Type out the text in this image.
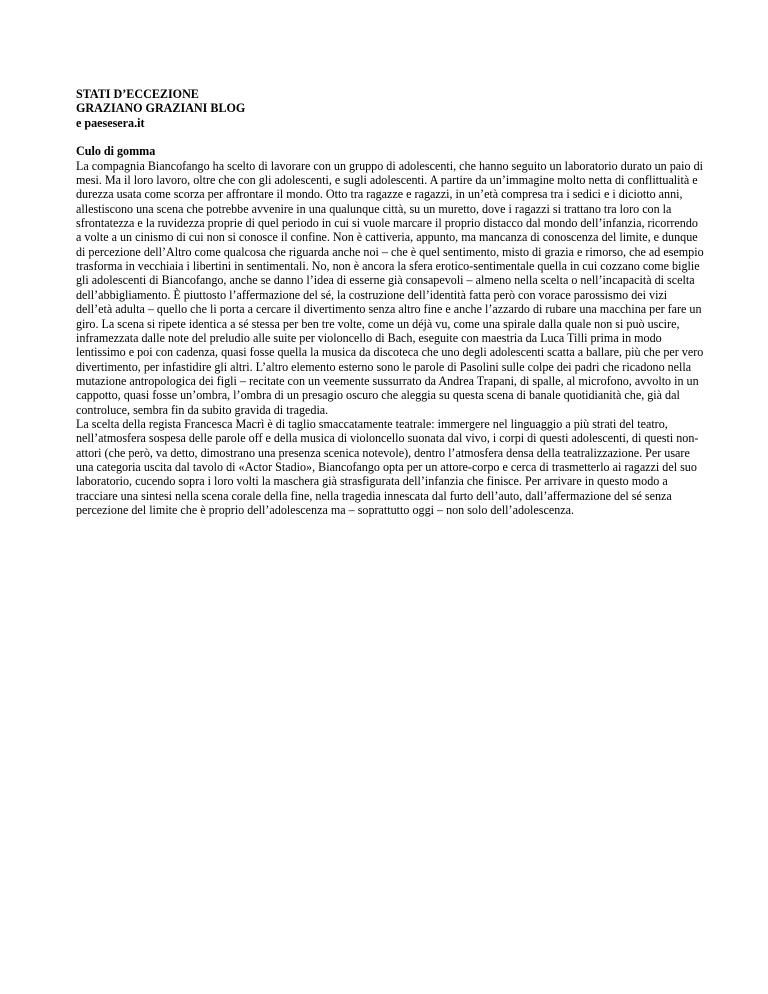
STATI D’ECCEZIONE
GRAZIANO GRAZIANI BLOG
e paesesera.it
Culo di gomma

La compagnia Biancofango ha scelto di lavorare con un gruppo di adolescenti, che hanno seguito un laboratorio durato un paio di mesi. Ma il loro lavoro, oltre che con gli adolescenti, e sugli adolescenti. A partire da un’immagine molto netta di conflittualità e durezza usata come scorza per affrontare il mondo. Otto tra ragazze e ragazzi, in un’età compresa tra i sedici e i diciotto anni, allestiscono una scena che potrebbe avvenire in una qualunque città, su un muretto, dove i ragazzi si trattano tra loro con la sfrontatezza e la ruvidezza proprie di quel periodo in cui si vuole marcare il proprio distacco dal mondo dell’infanzia, ricorrendo a volte a un cinismo di cui non si conosce il confine. Non è cattiveria, appunto, ma mancanza di conoscenza del limite, e dunque di percezione dell’Altro come qualcosa che riguarda anche noi – che è quel sentimento, misto di grazia e rimorso, che ad esempio trasforma in vecchiaia i libertini in sentimentali. No, non è ancora la sfera erotico-sentimentale quella in cui cozzano come biglie gli adolescenti di Biancofango, anche se danno l’idea di esserne già consapevoli – almeno nella scelta o nell’incapacità di scelta dell’abbigliamento. È piuttosto l’affermazione del sé, la costruzione dell’identità fatta però con vorace parossismo dei vizi dell’età adulta – quello che li porta a cercare il divertimento senza altro fine e anche l’azzardo di rubare una macchina per fare un giro. La scena si ripete identica a sé stessa per ben tre volte, come un déjà vu, come una spirale dalla quale non si può uscire, inframezzata dalle note del preludio alle suite per violoncello di Bach, eseguite con maestria da Luca Tilli prima in modo lentissimo e poi con cadenza, quasi fosse quella la musica da discoteca che uno degli adolescenti scatta a ballare, più che per vero divertimento, per infastidire gli altri. L’altro elemento esterno sono le parole di Pasolini sulle colpe dei padri che ricadono nella mutazione antropologica dei figli – recitate con un veemente sussurrato da Andrea Trapani, di spalle, al microfono, avvolto in un cappotto, quasi fosse un’ombra, l’ombra di un presagio oscuro che aleggia su questa scena di banale quotidianità che, già dal controluce, sembra fin da subito gravida di tragedia.

La scelta della regista Francesca Macrì è di taglio smaccatamente teatrale: immergere nel linguaggio a più strati del teatro, nell’atmosfera sospesa delle parole off e della musica di violoncello suonata dal vivo, i corpi di questi adolescenti, di questi non-attori (che però, va detto, dimostrano una presenza scenica notevole), dentro l’atmosfera densa della teatralizzazione. Per usare una categoria uscita dal tavolo di «Actor Stadio», Biancofango opta per un attore-corpo e cerca di trasmetterlo ai ragazzi del suo laboratorio, cucendo sopra i loro volti la maschera già strasfigurata dell’infanzia che finisce. Per arrivare in questo modo a tracciare una sintesi nella scena corale della fine, nella tragedia innescata dal furto dell’auto, dall’affermazione del sé senza percezione del limite che è proprio dell’adolescenza ma – soprattutto oggi – non solo dell’adolescenza.
